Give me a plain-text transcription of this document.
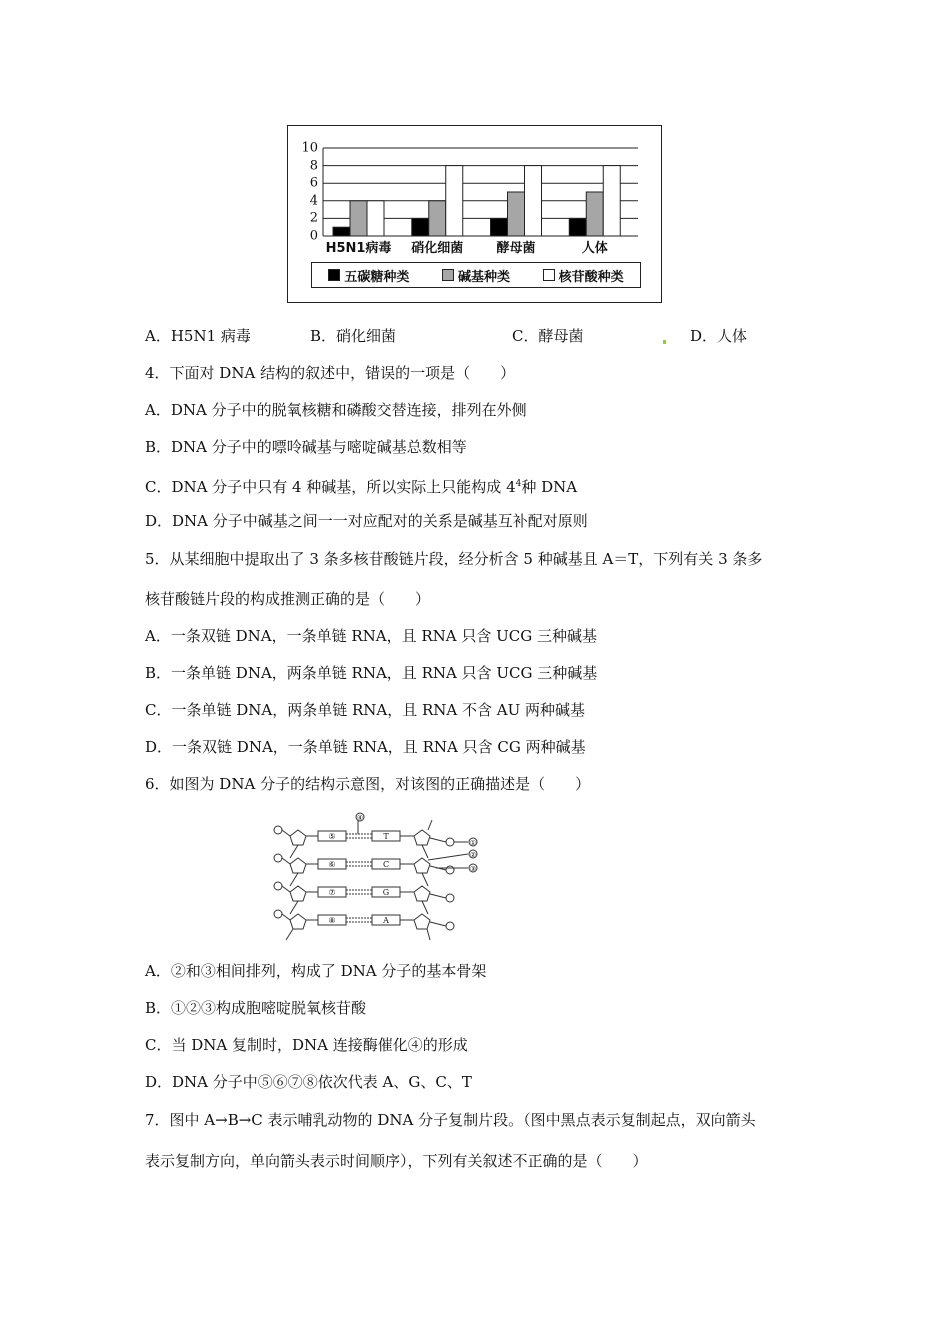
0
2
4
6
8
10
H5N1病毒 硝化细菌	酵母菌	人体
五碳糖种类	碱基种类	核苷酸种类
A．H5N1 病毒	B．硝化细菌	C．酵母菌	D．人体
4．下面对 DNA 结构的叙述中，错误的一项是（　　）
A．DNA 分子中的脱氧核糖和磷酸交替连接，排列在外侧
B．DNA 分子中的嘌呤碱基与嘧啶碱基总数相等
C．DNA 分子中只有 4 种碱基，所以实际上只能构成 $4^4$种 DNA
D．DNA 分子中碱基之间一一对应配对的关系是碱基互补配对原则
5．从某细胞中提取出了 3 条多核苷酸链片段，经分析含 5 种碱基且 A＝T，下列有关 3 条多
核苷酸链片段的构成推测正确的是（　　）
A．一条双链 DNA，一条单链 RNA，且 RNA 只含 UCG 三种碱基
B．一条单链 DNA，两条单链 RNA，且 RNA 只含 UCG 三种碱基
C．一条单链 DNA，两条单链 RNA，且 RNA 不含 AU 两种碱基
D．一条双链 DNA，一条单链 RNA，且 RNA 只含 CG 两种碱基
6．如图为 DNA 分子的结构示意图，对该图的正确描述是（　　）
⑤
⑥
⑦
⑧
T
C
G
A
①
②
③
④
A．②和③相间排列，构成了 DNA 分子的基本骨架
B．①②③构成胞嘧啶脱氧核苷酸
C．当 DNA 复制时，DNA 连接酶催化④的形成
D．DNA 分子中⑤⑥⑦⑧依次代表 A、G、C、T
7．图中 A→B→C 表示哺乳动物的 DNA 分子复制片段。（图中黑点表示复制起点，双向箭头
表示复制方向，单向箭头表示时间顺序），下列有关叙述不正确的是（　　）
